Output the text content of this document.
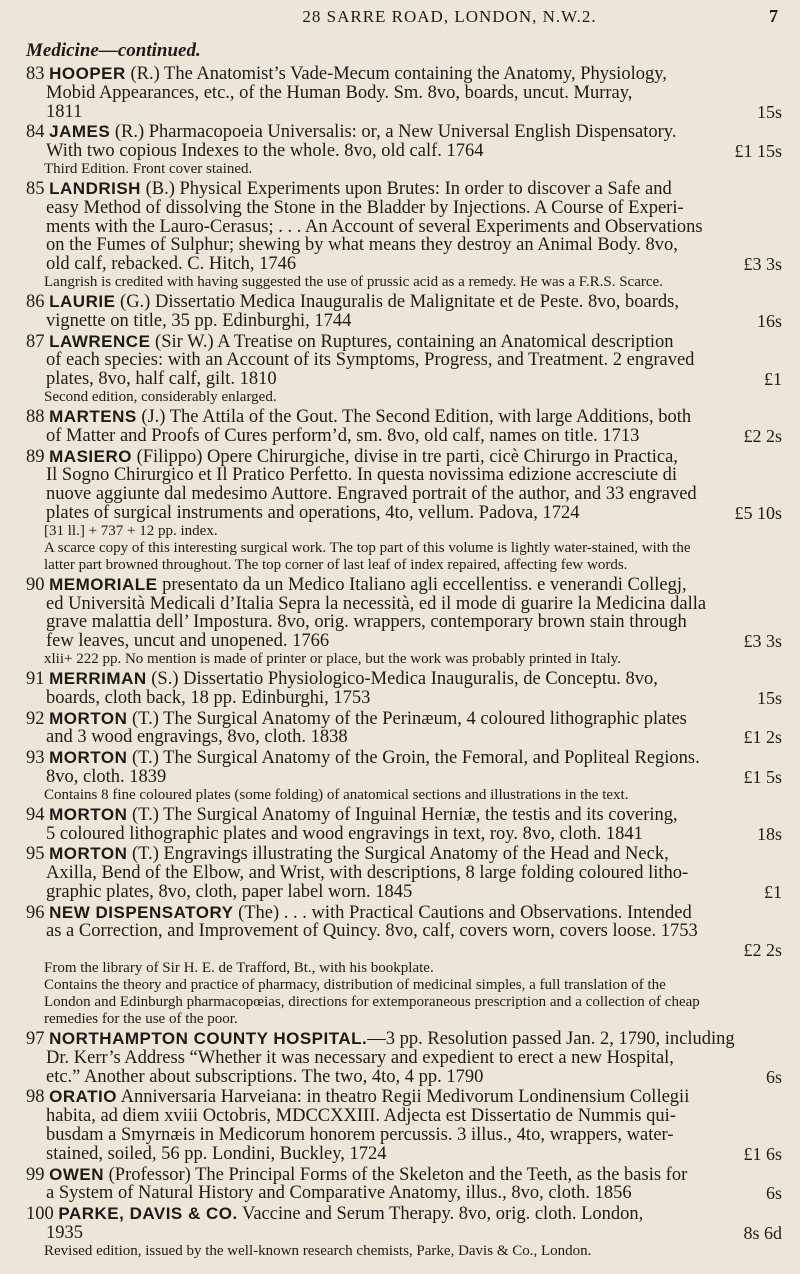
28 SARRE ROAD, LONDON, N.W.2.	7
Medicine—continued.
83 HOOPER (R.) The Anatomist’s Vade-Mecum containing the Anatomy, Physiology,
Mobid Appearances, etc., of the Human Body. Sm. 8vo, boards, uncut. Murray,
1811	15s
84 JAMES (R.) Pharmacopoeia Universalis: or, a New Universal English Dispensatory.
With two copious Indexes to the whole. 8vo, old calf. 1764	£1 15s
Third Edition. Front cover stained.
85 LANDRISH (B.) Physical Experiments upon Brutes: In order to discover a Safe and
easy Method of dissolving the Stone in the Bladder by Injections. A Course of Experi-
ments with the Lauro-Cerasus; . . . An Account of several Experiments and Observations
on the Fumes of Sulphur; shewing by what means they destroy an Animal Body. 8vo,
old calf, rebacked. C. Hitch, 1746	£3 3s
Langrish is credited with having suggested the use of prussic acid as a remedy. He was a F.R.S. Scarce.
86 LAURIE (G.) Dissertatio Medica Inauguralis de Malignitate et de Peste. 8vo, boards,
vignette on title, 35 pp. Edinburghi, 1744	16s
87 LAWRENCE (Sir W.) A Treatise on Ruptures, containing an Anatomical description
of each species: with an Account of its Symptoms, Progress, and Treatment. 2 engraved
plates, 8vo, half calf, gilt. 1810	£1
Second edition, considerably enlarged.
88 MARTENS (J.) The Attila of the Gout. The Second Edition, with large Additions, both
of Matter and Proofs of Cures perform’d, sm. 8vo, old calf, names on title. 1713	£2 2s
89 MASIERO (Filippo) Opere Chirurgiche, divise in tre parti, cicè Chirurgo in Practica,
Il Sogno Chirurgico et Il Pratico Perfetto. In questa novissima edizione accresciute di
nuove aggiunte dal medesimo Auttore. Engraved portrait of the author, and 33 engraved
plates of surgical instruments and operations, 4to, vellum. Padova, 1724	£5 10s
[31 ll.] + 737 + 12 pp. index.
A scarce copy of this interesting surgical work. The top part of this volume is lightly water-stained, with the
latter part browned throughout. The top corner of last leaf of index repaired, affecting few words.
90 MEMORIALE presentato da un Medico Italiano agli eccellentiss. e venerandi Collegj,
ed Università Medicali d’Italia Sepra la necessità, ed il mode di guarire la Medicina dalla
grave malattia dell’ Impostura. 8vo, orig. wrappers, contemporary brown stain through
few leaves, uncut and unopened. 1766	£3 3s
xlii+ 222 pp. No mention is made of printer or place, but the work was probably printed in Italy.
91 MERRIMAN (S.) Dissertatio Physiologico-Medica Inauguralis, de Conceptu. 8vo,
boards, cloth back, 18 pp. Edinburghi, 1753	15s
92 MORTON (T.) The Surgical Anatomy of the Perinæum, 4 coloured lithographic plates
and 3 wood engravings, 8vo, cloth. 1838	£1 2s
93 MORTON (T.) The Surgical Anatomy of the Groin, the Femoral, and Popliteal Regions.
8vo, cloth. 1839	£1 5s
Contains 8 fine coloured plates (some folding) of anatomical sections and illustrations in the text.
94 MORTON (T.) The Surgical Anatomy of Inguinal Herniæ, the testis and its covering,
5 coloured lithographic plates and wood engravings in text, roy. 8vo, cloth. 1841	18s
95 MORTON (T.) Engravings illustrating the Surgical Anatomy of the Head and Neck,
Axilla, Bend of the Elbow, and Wrist, with descriptions, 8 large folding coloured litho-
graphic plates, 8vo, cloth, paper label worn. 1845	£1
96 NEW DISPENSATORY (The) . . . with Practical Cautions and Observations. Intended
as a Correction, and Improvement of Quincy. 8vo, calf, covers worn, covers loose. 1753
£2 2s
From the library of Sir H. E. de Trafford, Bt., with his bookplate.
Contains the theory and practice of pharmacy, distribution of medicinal simples, a full translation of the
London and Edinburgh pharmacopœias, directions for extemporaneous prescription and a collection of cheap
remedies for the use of the poor.
97 NORTHAMPTON COUNTY HOSPITAL.—3 pp. Resolution passed Jan. 2, 1790, including
Dr. Kerr’s Address “Whether it was necessary and expedient to erect a new Hospital,
etc.” Another about subscriptions. The two, 4to, 4 pp. 1790	6s
98 ORATIO Anniversaria Harveiana: in theatro Regii Medivorum Londinensium Collegii
habita, ad diem xviii Octobris, MDCCXXIII. Adjecta est Dissertatio de Nummis qui-
busdam a Smyrnæis in Medicorum honorem percussis. 3 illus., 4to, wrappers, water-
stained, soiled, 56 pp. Londini, Buckley, 1724	£1 6s
99 OWEN (Professor) The Principal Forms of the Skeleton and the Teeth, as the basis for
a System of Natural History and Comparative Anatomy, illus., 8vo, cloth. 1856	6s
100 PARKE, DAVIS & CO. Vaccine and Serum Therapy. 8vo, orig. cloth. London,
1935	8s 6d
Revised edition, issued by the well-known research chemists, Parke, Davis & Co., London.
